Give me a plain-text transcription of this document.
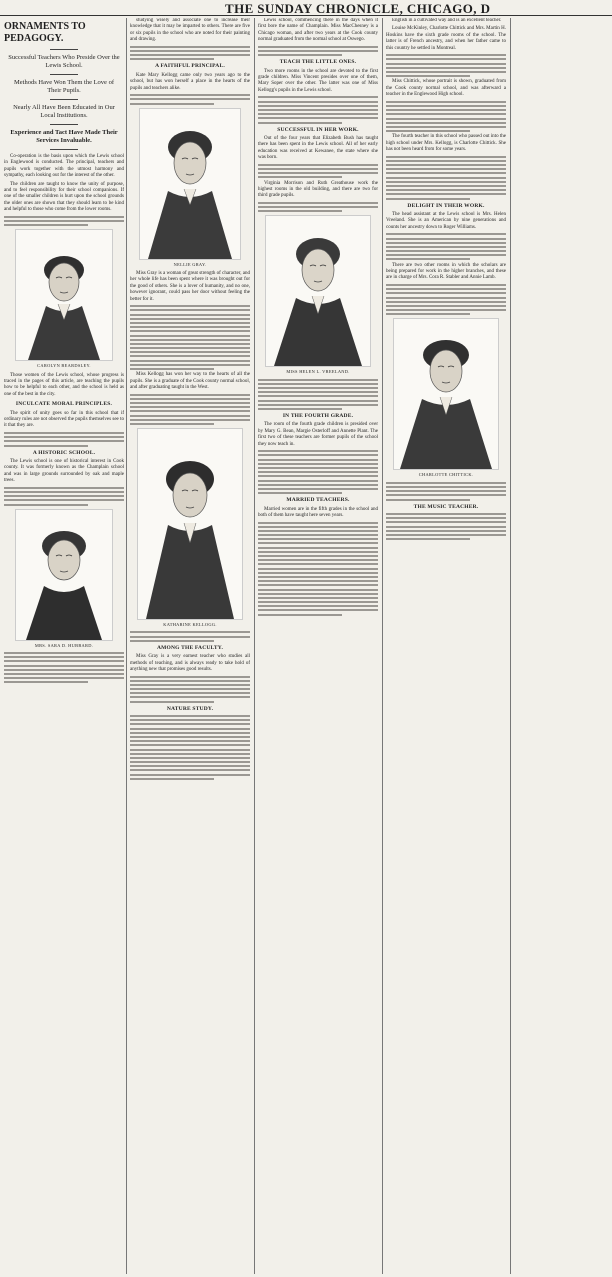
THE SUNDAY CHRONICLE, CHICAGO, D
ORNAMENTS TO PEDAGOGY.
Successful Teachers Who Preside Over the Lewis School.
Methods Have Won Them the Love of Their Pupils.
Nearly All Have Been Educated in Our Local Institutions.
Experience and Tact Have Made Their Services Invaluable.

Co-operation is the basis upon which the Lewis school in Englewood is conducted. The principal, teachers and pupils work together with the utmost harmony and sympathy, each looking out for the interest of the other.

The children are taught to know the unity of purpose, and to feel responsibility for their school companions. If one of the smaller children is hurt upon the school grounds the older ones are shown that they should learn to be kind and helpful to those who come from the lower rooms.

CAROLYN BEARDSLEY.

Those women of the Lewis school, whose progress is traced in the pages of this article, are teaching the pupils how to be helpful to each other, and the school is held as one of the best in the city.

INCULCATE MORAL PRINCIPLES.

The spirit of unity goes so far in this school that if ordinary rules are not observed the pupils themselves see to it that they are.

A HISTORIC SCHOOL.

The Lewis school is one of historical interest in Cook county. It was formerly known as the Champlain school and was in large grounds surrounded by oak and maple trees.

MRS. SARA D. HUBBARD.

studying wisely and associate one to increase their knowledge that it may be imparted to others. There are five or six pupils in the school who are noted for their painting and drawing.

A FAITHFUL PRINCIPAL.

Kate Mary Kellogg came only two years ago to the school, but has won herself a place in the hearts of the pupils and teachers alike.

NELLIE GRAY.

Miss Gray is a woman of great strength of character, and her whole life has been spent where it was brought out for the good of others. She is a lover of humanity, and no one, however ignorant, could pass her door without feeling the better for it.

Miss Kellogg has won her way to the hearts of all the pupils. She is a graduate of the Cook county normal school, and after graduating taught in the West.

KATHARINE KELLOGG.
AMONG THE FACULTY.

Miss Gray is a very earnest teacher who studies all methods of teaching, and is always ready to take hold of anything new that promises good results.

NATURE STUDY.

Lewis school, commencing there in the days when it first bore the name of Champlain. Miss MacChesney is a Chicago woman, and after two years at the Cook county normal graduated from the normal school at Oswego.

TEACH THE LITTLE ONES.

Two more rooms in the school are devoted to the first grade children. Miss Vincent presides over one of them, Mary Soper over the other. The latter was one of Miss Kellogg's pupils in the Lewis school.

SUCCESSFUL IN HER WORK.

Out of the four years that Elizabeth Bush has taught there has been spent in the Lewis school. All of her early education was received at Kewanee, the state where she was born.

Virginia Morrison and Ruth Greathouse work the highest rooms in the old building, and there are two for third grade pupils.

MISS HELEN L. VREELAND.
IN THE FOURTH GRADE.

The room of the fourth grade children is presided over by Mary G. Bean, Margie Osterloff and Annette Plant. The first two of these teachers are former pupils of the school they now teach in.

MARRIED TEACHERS.

Married women are in the fifth grades in the school and both of them have taught here seven years.

English in a cultivated way and is an excellent teacher.

Louise McKinley, Charlotte Chittick and Mrs. Martin H. Hoskins have the sixth grade rooms of the school. The latter is of French ancestry, and when her father came to this country he settled in Montreal.

Miss Chittick, whose portrait is shown, graduated from the Cook county normal school, and was afterward a teacher in the Englewood High school.

The fourth teacher in this school who passed out into the high school under Mrs. Kellogg, is Charlotte Chittick. She has not been heard from for some years.

DELIGHT IN THEIR WORK.

The head assistant at the Lewis school is Mrs. Helen Vreeland. She is an American by nine generations and counts her ancestry down to Roger Williams.

There are two other rooms in which the scholars are being prepared for work in the higher branches, and these are in charge of Mrs. Cora R. Stabler and Annie Lamb.

CHARLOTTE CHITTICK.
THE MUSIC TEACHER.
